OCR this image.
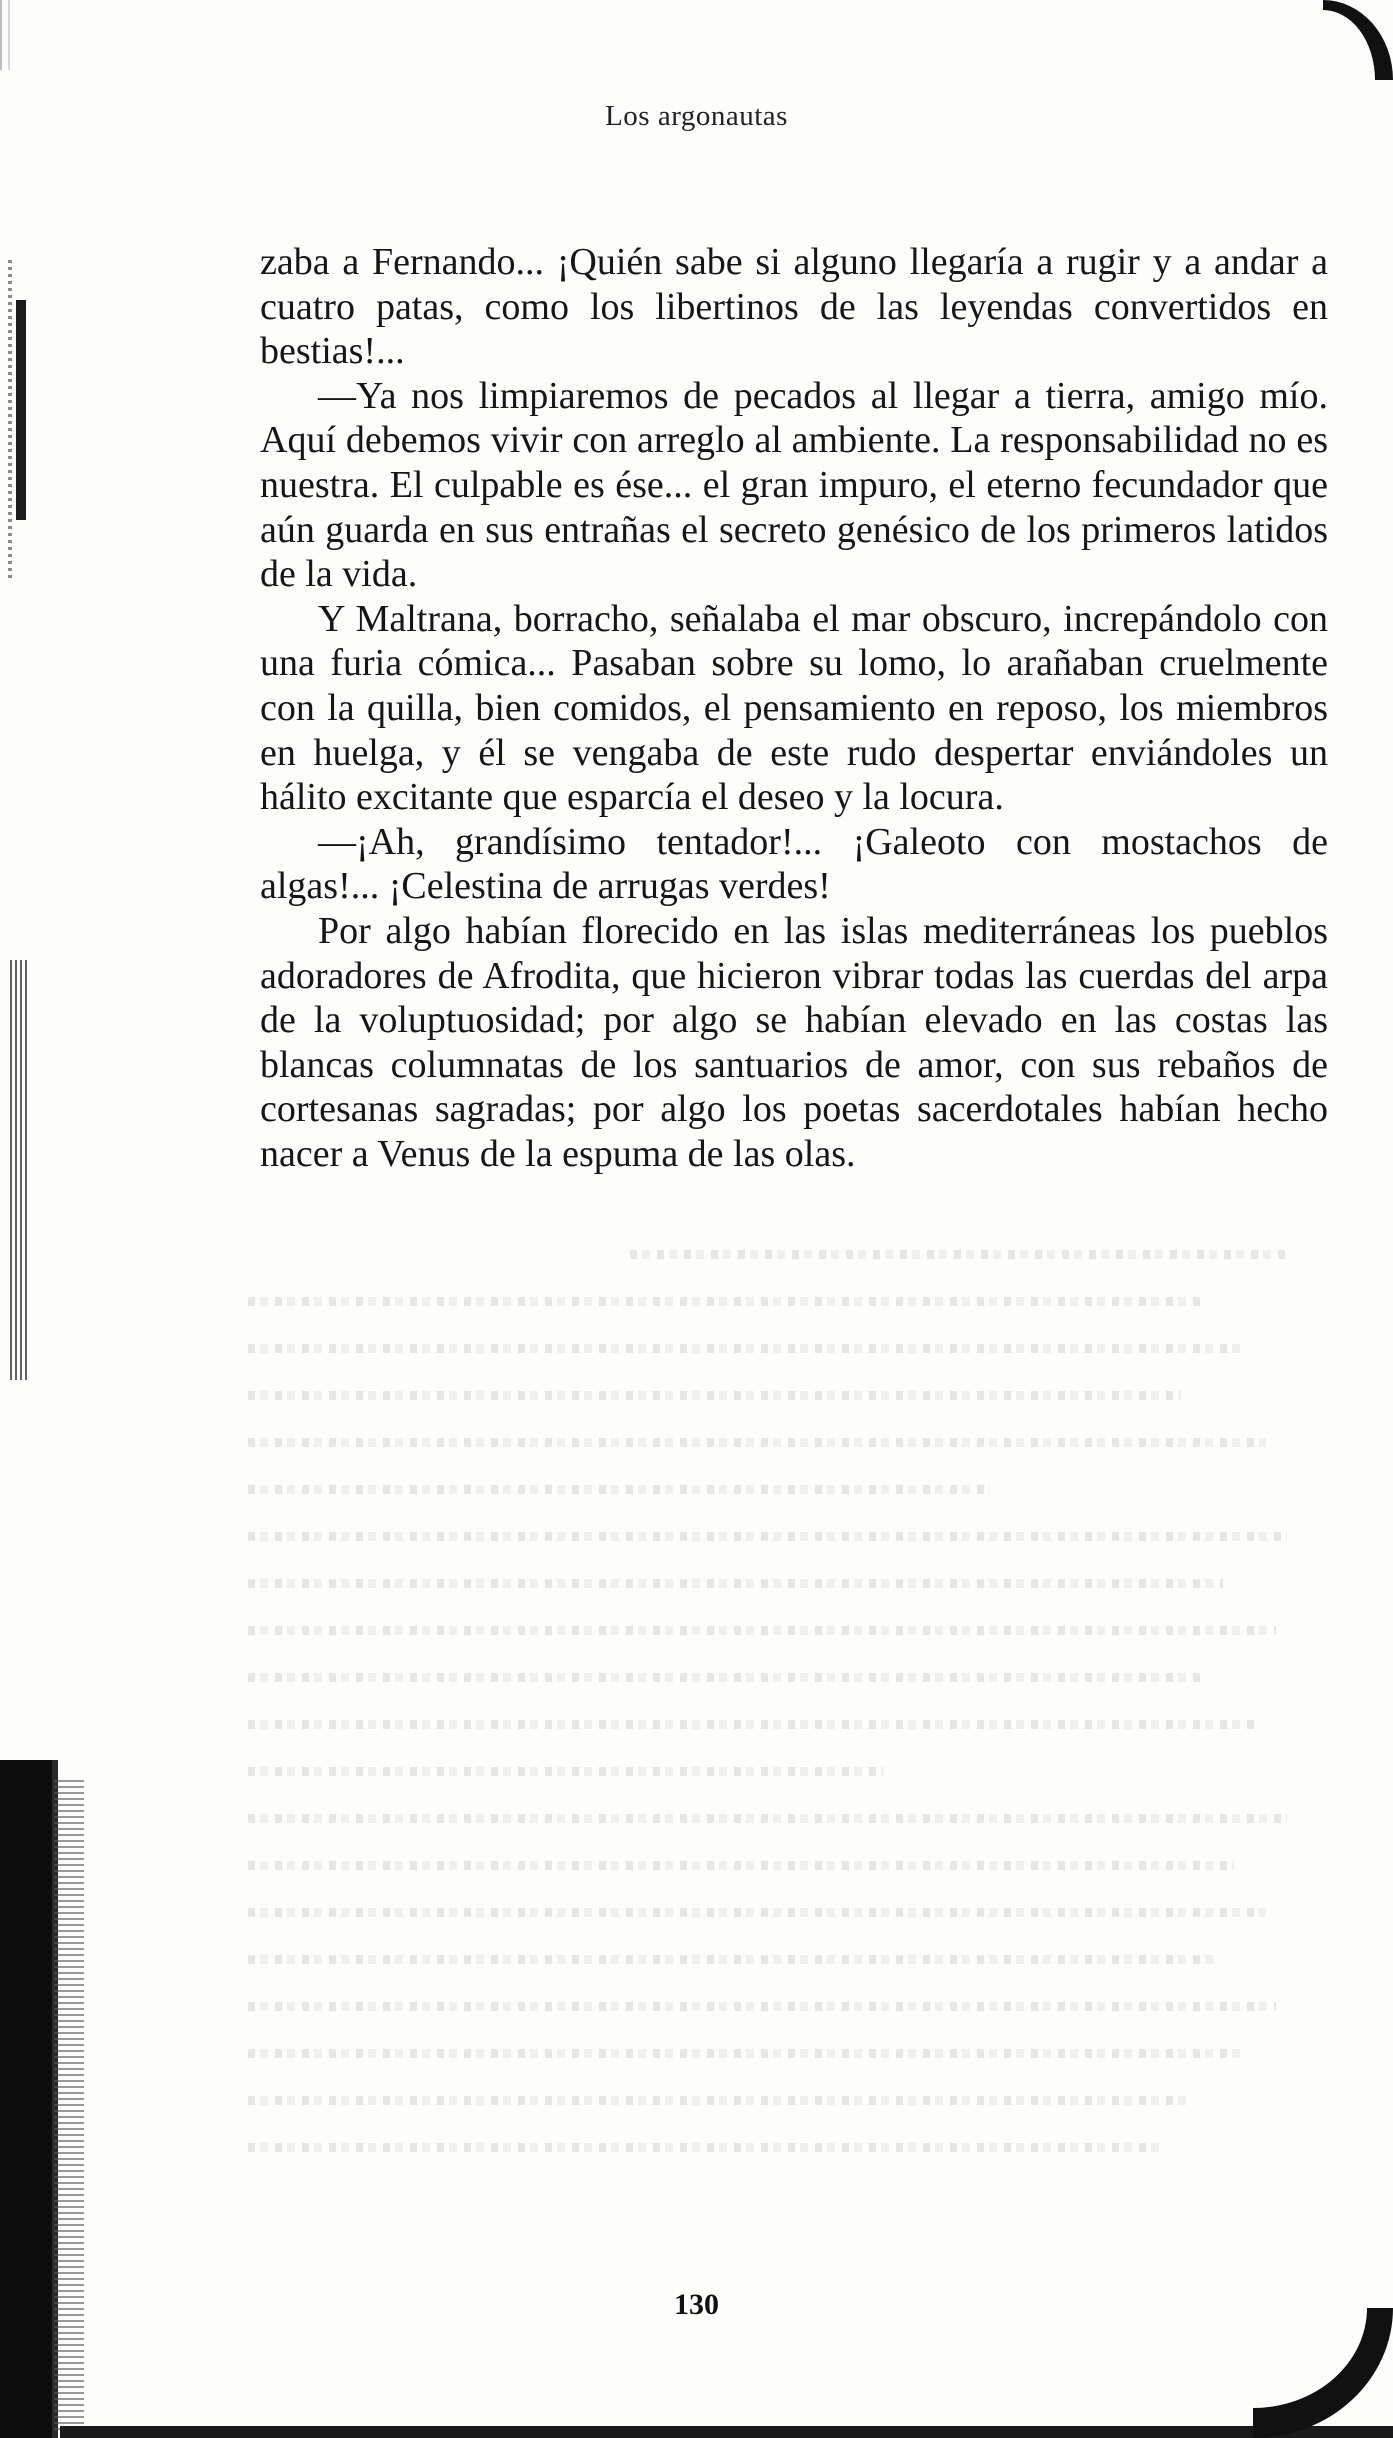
Los argonautas

zaba a Fernando... ¡Quién sabe si alguno llegaría a rugir y a andar a cuatro patas, como los libertinos de las leyendas convertidos en bestias!...

—Ya nos limpiaremos de pecados al llegar a tierra, amigo mío. Aquí debemos vivir con arreglo al ambiente. La responsabilidad no es nuestra. El culpable es ése... el gran impuro, el eterno fecundador que aún guarda en sus entrañas el secreto genésico de los primeros latidos de la vida.

Y Maltrana, borracho, señalaba el mar obscuro, increpándolo con una furia cómica... Pasaban sobre su lomo, lo arañaban cruelmente con la quilla, bien comidos, el pensamiento en reposo, los miembros en huelga, y él se vengaba de este rudo despertar enviándoles un hálito excitante que esparcía el deseo y la locura.

—¡Ah, grandísimo tentador!... ¡Galeoto con mostachos de algas!... ¡Celestina de arrugas verdes!

Por algo habían florecido en las islas mediterráneas los pueblos adoradores de Afrodita, que hicieron vibrar todas las cuerdas del arpa de la voluptuosidad; por algo se habían elevado en las costas las blancas columnatas de los santuarios de amor, con sus rebaños de cortesanas sagradas; por algo los poetas sacerdotales habían hecho nacer a Venus de la espuma de las olas.

130
